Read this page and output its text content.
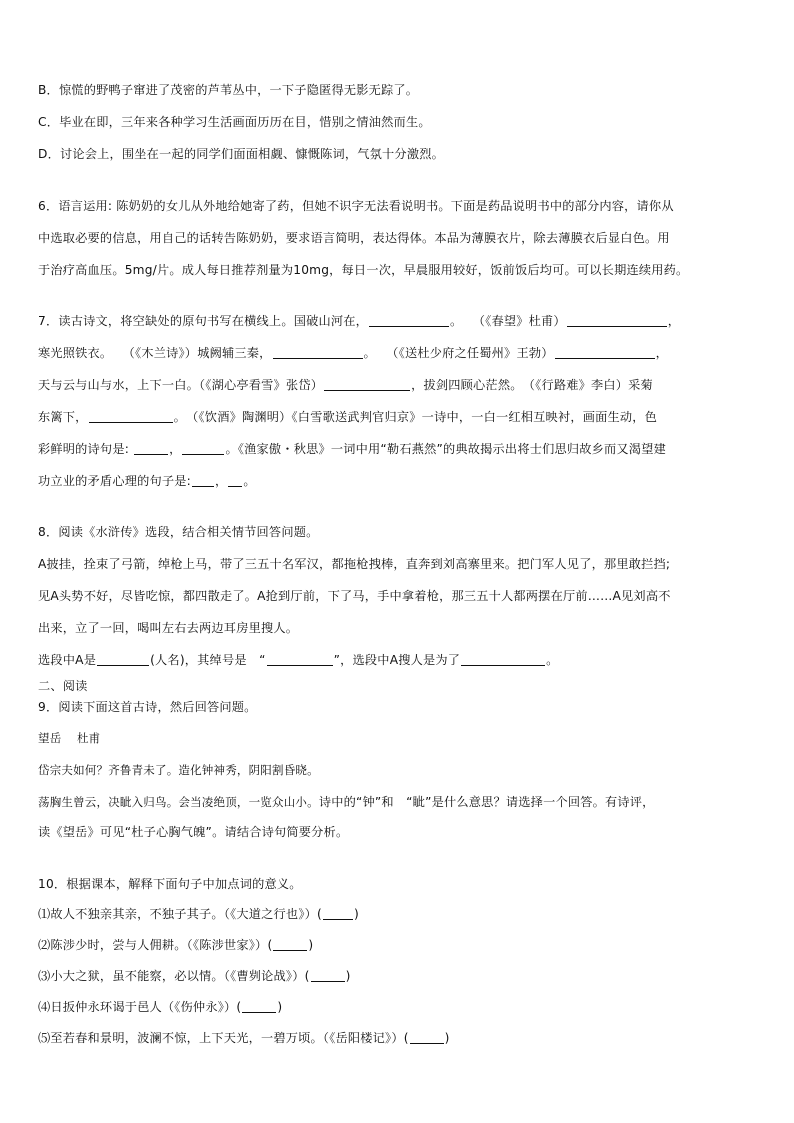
B．惊慌的野鸭子窜进了茂密的芦苇丛中，一下子隐匿得无影无踪了。
C．毕业在即，三年来各种学习生活画面历历在目，惜别之情油然而生。
D．讨论会上，围坐在一起的同学们面面相觑、慷慨陈词，气氛十分激烈。
6．语言运用: 陈奶奶的女儿从外地给她寄了药，但她不识字无法看说明书。下面是药品说明书中的部分内容，请你从
中选取必要的信息，用自己的话转告陈奶奶，要求语言简明，表达得体。本品为薄膜衣片，除去薄膜衣后显白色。用
于治疗高血压。5mg/片。成人每日推荐剂量为10mg，每日一次，早晨服用较好，饭前饭后均可。可以长期连续用药。
7．读古诗文，将空缺处的原句书写在横线上。国破山河在，	。　 （《春望》杜甫）	，
寒光照铁衣。　 （《木兰诗》）城阙辅三秦，	。　 （《送杜少府之任蜀州》王勃）	，
天与云与山与水，上下一白。（《湖心亭看雪》张岱）	，拔剑四顾心茫然。　（《行路难》李白）采菊
东篱下，	。　（《饮酒》陶渊明）《白雪歌送武判官归京》一诗中，一白一红相互映衬，画面生动，色
彩鲜明的诗句是:	，	。《渔家傲・秋思》一词中用“勒石燕然”的典故揭示出将士们思归故乡而又渴望建
功立业的矛盾心理的句子是: ， 。
8．阅读《水浒传》选段，结合相关情节回答问题。
A披挂，拴束了弓箭，绰枪上马，带了三五十名军汉，都拖枪拽棒，直奔到刘高寨里来。把门军人见了，那里敢拦挡;
见A头势不好，尽皆吃惊，都四散走了。A抢到厅前，下了马，手中拿着枪，那三五十人都两摆在厅前……A见刘高不
出来，立了一回，喝叫左右去两边耳房里搜人。
选段中A是	(人名)，其绰号是　“	”，选段中A搜人是为了	。
二、阅读
9．阅读下面这首古诗，然后回答问题。
望岳　 杜甫
岱宗夫如何？齐鲁青未了。造化钟神秀，阴阳割昏晓。
荡胸生曾云，决眦入归鸟。会当凌绝顶，一览众山小。诗中的“钟”和　“眦”是什么意思？请选择一个回答。有诗评，
读《望岳》可见“杜子心胸气魄”。请结合诗句简要分析。
10．根据课本，解释下面句子中加点词的意义。
⑴故人不独亲其亲，不独子其子。（《大道之行也》）(	)
⑵陈涉少时，尝与人佣耕。（《陈涉世家》）(	)
⑶小大之狱，虽不能察，必以情。（《曹刿论战》）(	)
⑷日扳仲永环谒于邑人（《伤仲永》）(	)
⑸至若春和景明，波澜不惊，上下天光，一碧万顷。（《岳阳楼记》）(	)
